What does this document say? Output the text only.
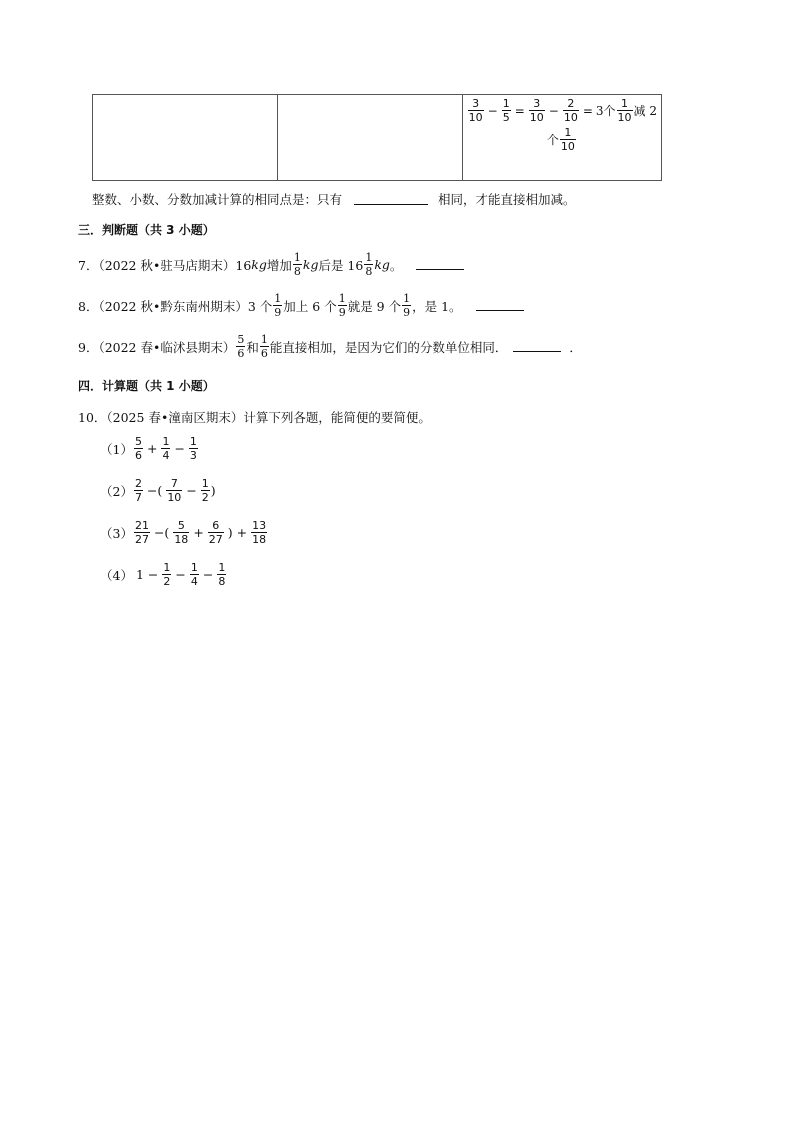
$\frac{3}{10} - \frac{1}{5} = \frac{3}{10} - \frac{2}{10} = 3$个 $\frac{1}{10}$ 减 2
个 $\frac{1}{10}$
整数、小数、分数加减计算的相同点是：只有	相同，才能直接相加减。
三．判断题（共 3 小题）
7．（2022 秋•驻马店期末）16 kg 增加 $\frac{1}{8}$ kg 后是 $16 \frac{1}{8}$ kg 。
8．（2022 秋•黔东南州期末）3 个 $\frac{1}{9}$ 加上 6 个 $\frac{1}{9}$ 就是 9 个 $\frac{1}{9}$ ，是 1。
9．（2022 春•临沭县期末） $\frac{5}{6}$ 和 $\frac{1}{6}$ 能直接相加，是因为它们的分数单位相同．	．
四．计算题（共 1 小题）
10．（2025 春•潼南区期末）计算下列各题，能简便的要简便。
$(1) \frac{5}{6} + \frac{1}{4} - \frac{1}{3}$
$(2) \frac{2}{7}$ −( $\frac{7}{10} - \frac{1}{2}$ )
$(3) \frac{21}{27}$ −( $\frac{5}{18} + \frac{6}{27}$ ) + $\frac{13}{18}$
（4） $1 - \frac{1}{2} - \frac{1}{4} - \frac{1}{8}$
